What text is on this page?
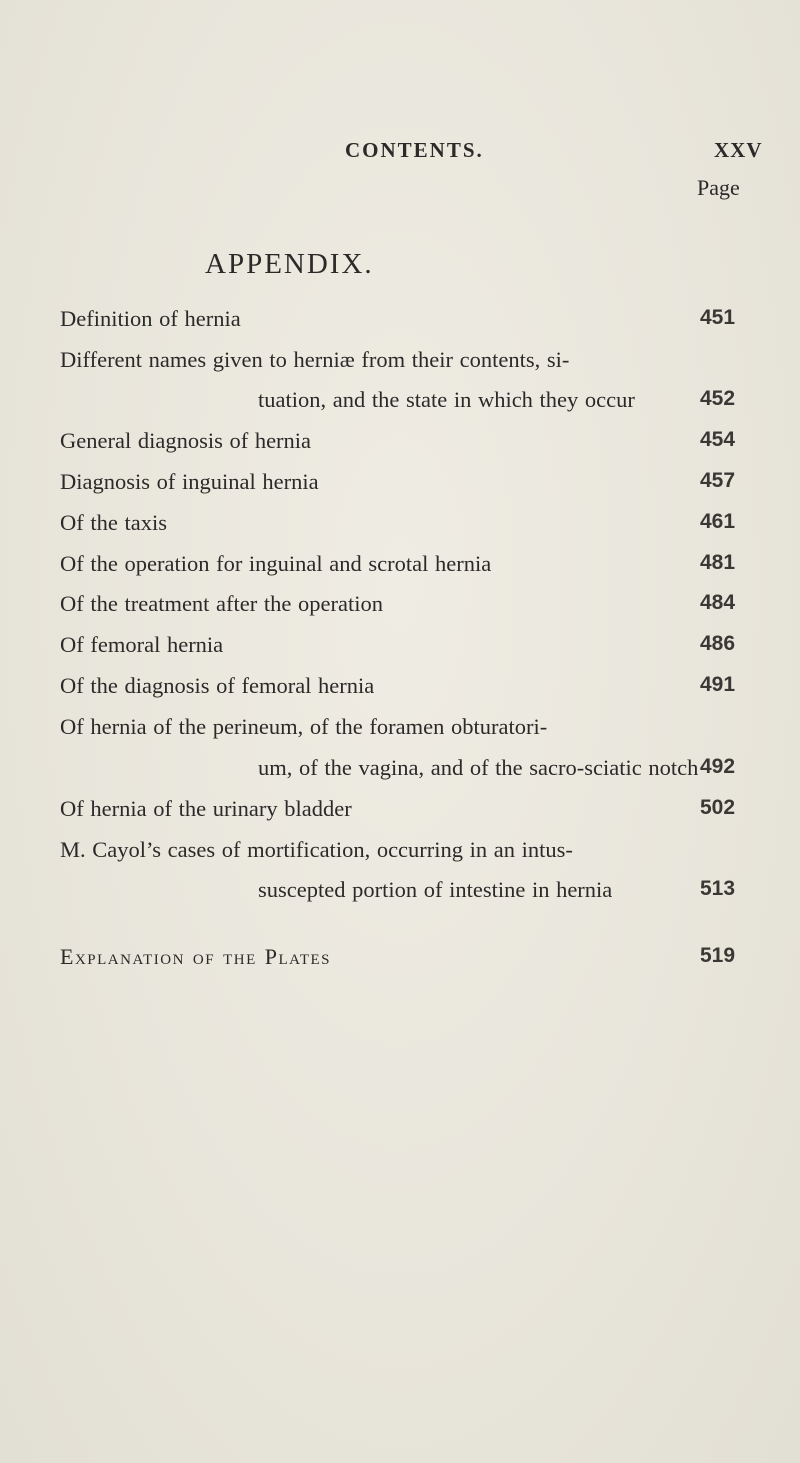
CONTENTS.	XXV
Page
APPENDIX.
Definition of hernia	451
Different names given to herniæ from their contents, si-
tuation, and the state in which they occur	452
General diagnosis of hernia	454
Diagnosis of inguinal hernia	457
Of the taxis	461
Of the operation for inguinal and scrotal hernia	481
Of the treatment after the operation	484
Of femoral hernia	486
Of the diagnosis of femoral hernia	491
Of hernia of the perineum, of the foramen obturatori-
um, of the vagina, and of the sacro-sciatic notch 492
Of hernia of the urinary bladder	502
M. Cayol’s cases of mortification, occurring in an intus-
suscepted portion of intestine in hernia	513
Explanation of the Plates	519
